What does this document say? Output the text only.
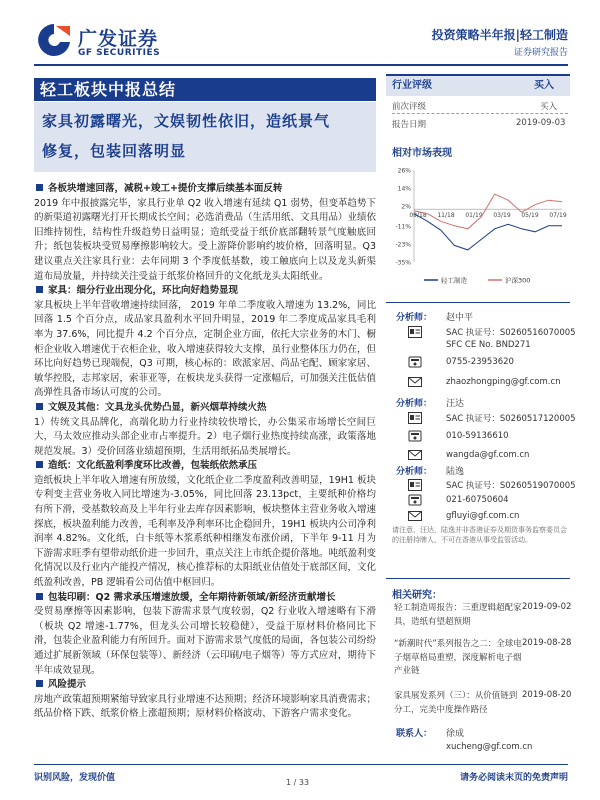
广发证券
GF SECURITIES
投资策略半年报|轻工制造
证券研究报告
轻工板块中报总结
家具初露曙光，文娱韧性依旧，造纸景气
修复，包装回落明显

各板块增速回落，减税+竣工+提价支撑后续基本面反转

2019 年中报披露完毕，家具行业单 Q2 收入增速有延续 Q1 弱势，但变革趋势下的新渠道初露曙光打开长期成长空间；必选消费品（生活用纸、文具用品）业绩依旧维持韧性，结构性升级趋势日益明显；造纸受益于纸价底部翻转景气度触底回升；纸包装板块受贸易摩擦影响较大。受上游降价影响约坡价格，回落明显。Q3 建议重点关注家具行业：去年同期 3 个季度低基数，竣工触底向上以及龙头新渠道布局放量，并持续关注受益于纸浆价格回升的文化纸龙头太阳纸业。

家具：细分行业出现分化，环比向好趋势显现

家具板块上半年营收增速持续回落， 2019 年单二季度收入增速为 13.2%，同比回落 1.5 个百分点，成品家具盈利水平回升明显，2019 年二季度成品家具毛利率为 37.6%，同比提升 4.2 个百分点，定制企业方面，依托大宗业务的木门、橱柜企业收入增速优于衣柜企业，收入增速获得较大支撑，虽行业整体压力仍在，但环比向好趋势已现端倪，Q3 可期，核心标的：欧派家居、尚品宅配、顾家家居、敏华控股，志邦家居，索菲亚等，在板块龙头获得一定涨幅后，可加强关注低估值高弹性具备市场认可度的公司。

文娱及其他：文具龙头优势凸显，新兴烟草持续火热

1）传统文具品牌化，高端化助力行业持续较快增长，办公集采市场增长空间巨大，马太效应推动头部企业市占率提升。2）电子烟行业热度持续高涨，政策落地规范发展。3）受价回落业绩超预期，生活用纸拓品类展增长。

造纸：文化纸盈利季度环比改善，包装纸依然承压

造纸板块上半年收入增速有所放缓，文化纸企业二季度盈利改善明显，19H1 板块专利变主营业务收入同比增速为-3.05%，同比回落 23.13pct，主要纸种价格均有所下滑，受基数较高及上半年行业去库存因素影响，板块整体主营业务收入增速探底，板块盈利能力改善，毛利率及净利率环比企稳回升，19H1 板块内公司净利润率 4.82%。文化纸，白卡纸等木浆系纸种相继发布涨价函，下半年 9-11 月为下游需求旺季有望带动纸价进一步回升，重点关注上市纸企提价落地。吨纸盈利变化情况以及行业内产能投产情况，核心推荐标的太阳纸业估值处于底部区间，文化纸盈利改善，PB 逻辑看公司估值中枢回归。

包装印刷：Q2 需求承压增速放缓，全年期待新领域/新经济贡献增长

受贸易摩擦等因素影响，包装下游需求景气度较弱，Q2 行业收入增速略有下滑（板块 Q2 增速-1.77%，但龙头公司增长较稳健），受益于原材料价格同比下滑，包装企业盈利能力有所回升。面对下游需求景气度低的局面，各包装公司纷纷通过扩展新领域（环保包装等）、新经济（云印刷/电子烟等）等方式应对，期待下半年成效显现。

风险提示

房地产政策超预期紧缩导致家具行业增速不达预期；经济环境影响家具消费需求；纸品价格下跌、纸浆价格上涨超预期；原材料价格波动、下游客户需求变化。

行业评级	买入
前次评级	买入
报告日期	2019-09-03
相对市场表现
26%
14%
2%
-11%
-23%
-35%
09/18 11/18 01/19 03/19 05/19 07/19
轻工制造	沪深300
分析师： 赵中平
SAC 执证号：S0260516070005
SFC CE No. BND271
0755-23953620
zhaozhongping@gf.com.cn
分析师： 汪达
SAC 执证号：S0260517120005
010-59136610
wangda@gf.com.cn
分析师： 陆逸
SAC 执证号：S0260519070005
021-60750604
gfluyi@gf.com.cn
请注意，汪达，陆逸并非香港证券及期货事务监察委员会的注册持牌人，不可在香港从事受监管活动。
相关研究：
轻工制造周报告：三重逻辑超配家具，造纸有望超预期
2019-09-02
“新潮时代”系列报告之二：全球电子烟草格局重塑，深度解析电子烟产业链
2019-08-28
家具展发系列（三）：从价值链到分工，完美中度操作路径
2019-08-20
联系人： 徐成
xucheng@gf.com.cn
识别风险，发现价值	1 / 33	请务必阅读末页的免责声明
